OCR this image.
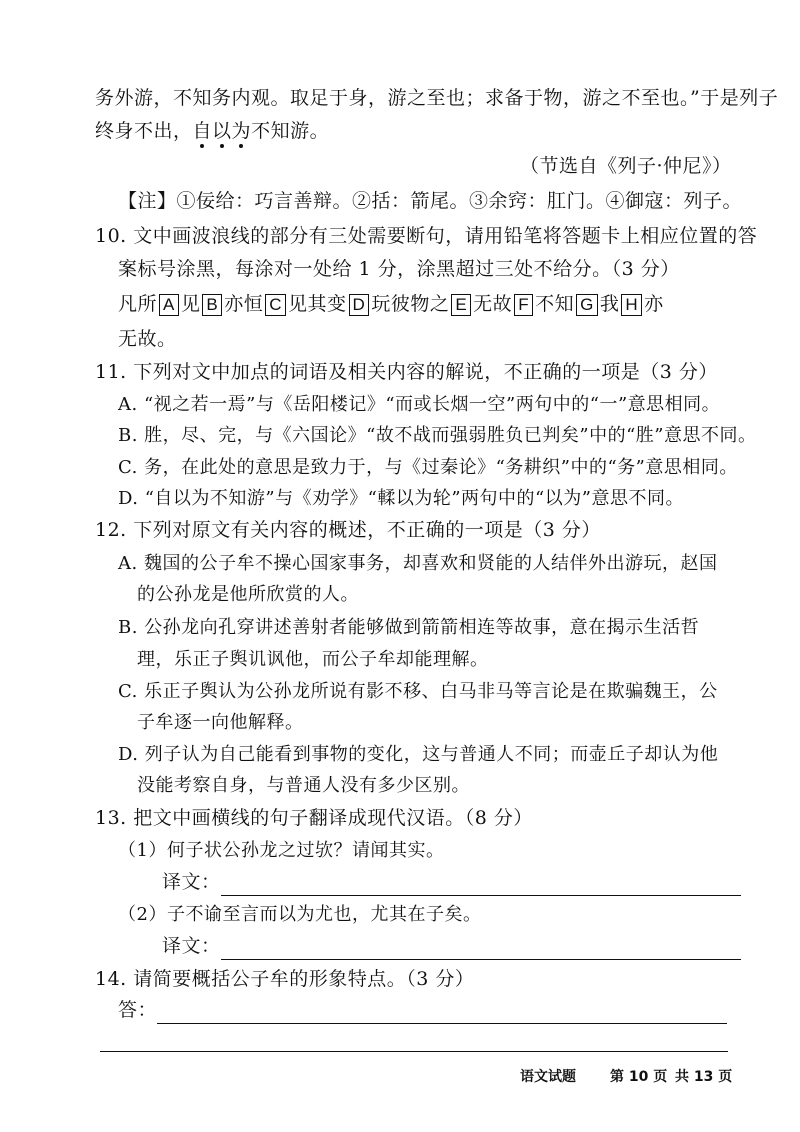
务外游，不知务内观。取足于身，游之至也；求备于物，游之不至也。”于是列子
终身不出，自以为不知游。
（节选自《列子·仲尼》）
【注】①佞给：巧言善辩。②括：箭尾。③余窍：肛门。④御寇：列子。
10. 文中画波浪线的部分有三处需要断句，请用铅笔将答题卡上相应位置的答
案标号涂黑，每涂对一处给 1 分，涂黑超过三处不给分。（3 分）
凡所 A 见 B 亦恒 C 见其变 D 玩彼物之 E 无故 F 不知 G 我 H 亦
无故。
11. 下列对文中加点的词语及相关内容的解说，不正确的一项是（3 分）
A. “视之若一焉”与《岳阳楼记》“而或长烟一空”两句中的“一”意思相同。
B. 胜，尽、完，与《六国论》“故不战而强弱胜负已判矣”中的“胜”意思不同。
C. 务，在此处的意思是致力于，与《过秦论》“务耕织”中的“务”意思相同。
D. “自以为不知游”与《劝学》“輮以为轮”两句中的“以为”意思不同。
12. 下列对原文有关内容的概述，不正确的一项是（3 分）
A. 魏国的公子牟不操心国家事务，却喜欢和贤能的人结伴外出游玩，赵国
的公孙龙是他所欣赏的人。
B. 公孙龙向孔穿讲述善射者能够做到箭箭相连等故事，意在揭示生活哲
理，乐正子舆讥讽他，而公子牟却能理解。
C. 乐正子舆认为公孙龙所说有影不移、白马非马等言论是在欺骗魏王，公
子牟逐一向他解释。
D. 列子认为自己能看到事物的变化，这与普通人不同；而壶丘子却认为他
没能考察自身，与普通人没有多少区别。
13. 把文中画横线的句子翻译成现代汉语。（8 分）
（1）何子状公孙龙之过欤？请闻其实。
译文：
（2）子不谕至言而以为尤也，尤其在子矣。
译文：
14. 请简要概括公子牟的形象特点。（3 分）
答：
语文试题 第 10 页 共 13 页
